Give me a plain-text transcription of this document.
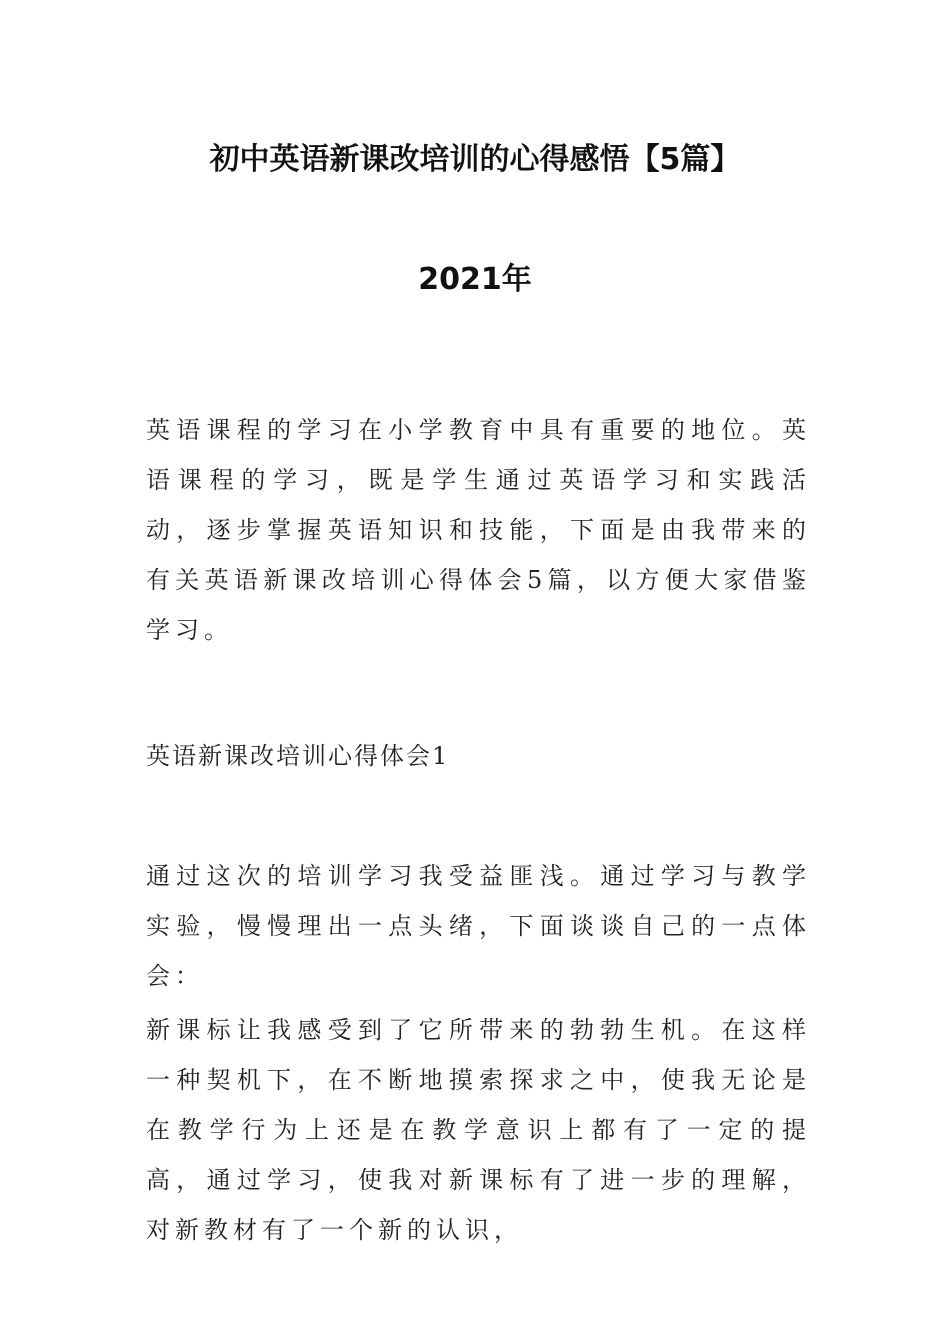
初中英语新课改培训的心得感悟【5篇】
2021年

英语课程的学习在小学教育中具有重要的地位。英语课程的学习，既是学生通过英语学习和实践活动，逐步掌握英语知识和技能，下面是由我带来的有关英语新课改培训心得体会5篇，以方便大家借鉴学习。

英语新课改培训心得体会1

通过这次的培训学习我受益匪浅。通过学习与教学实验，慢慢理出一点头绪，下面谈谈自己的一点体会：

新课标让我感受到了它所带来的勃勃生机。在这样一种契机下，在不断地摸索探求之中，使我无论是在教学行为上还是在教学意识上都有了一定的提高，通过学习，使我对新课标有了进一步的理解，对新教材有了一个新的认识，
